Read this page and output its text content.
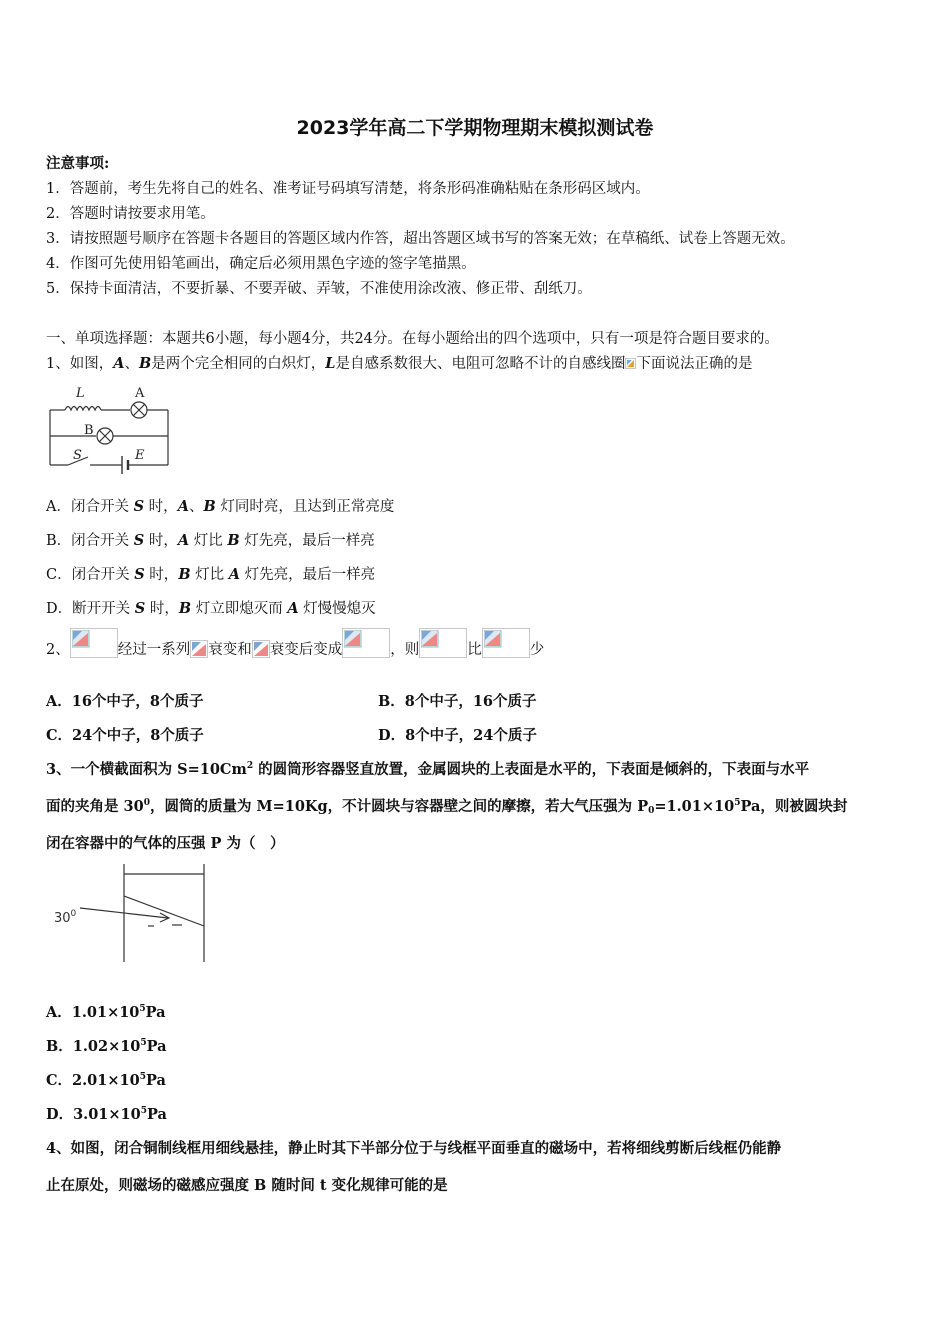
2023学年高二下学期物理期末模拟测试卷
注意事项:
1．答题前，考生先将自己的姓名、准考证号码填写清楚，将条形码准确粘贴在条形码区域内。
2．答题时请按要求用笔。
3．请按照题号顺序在答题卡各题目的答题区域内作答，超出答题区域书写的答案无效；在草稿纸、试卷上答题无效。
4．作图可先使用铅笔画出，确定后必须用黑色字迹的签字笔描黑。
5．保持卡面清洁，不要折暴、不要弄破、弄皱，不准使用涂改液、修正带、刮纸刀。
一、单项选择题：本题共6小题，每小题4分，共24分。在每小题给出的四个选项中，只有一项是符合题目要求的。
1、如图，A、B是两个完全相同的白炽灯，L是自感系数很大、电阻可忽略不计的自感线圈 下面说法正确的是
L	A
B
S	E
A．闭合开关 S 时，A、B 灯同时亮，且达到正常亮度
B．闭合开关 S 时，A 灯比 B 灯先亮，最后一样亮
C．闭合开关 S 时，B 灯比 A 灯先亮，最后一样亮
D．断开开关 S 时，B 灯立即熄灭而 A 灯慢慢熄灭
2、	经过一系列 衰变和 衰变后变成	，则	比	少
A．16个中子，8个质子	B．8个中子，16个质子
C．24个中子，8个质子	D．8个中子，24个质子
3、一个横截面积为 $S=10Cm^2$ 的圆筒形容器竖直放置，金属圆块的上表面是水平的，下表面是倾斜的，下表面与水平
面的夹角是 $30^0$，圆筒的质量为 M=10Kg，不计圆块与容器壁之间的摩擦，若大气压强为 $P_0=1.01\times 10^5Pa$，则被圆块封
闭在容器中的气体的压强 P 为（　）
$30^0$
A．$1.01\times 10^5Pa$
B．$1.02\times 10^5Pa$
C．$2.01\times 10^5Pa$
D．$3.01\times 10^5Pa$
4、如图，闭合铜制线框用细线悬挂，静止时其下半部分位于与线框平面垂直的磁场中，若将细线剪断后线框仍能静
止在原处，则磁场的磁感应强度 B 随时间 t 变化规律可能的是
